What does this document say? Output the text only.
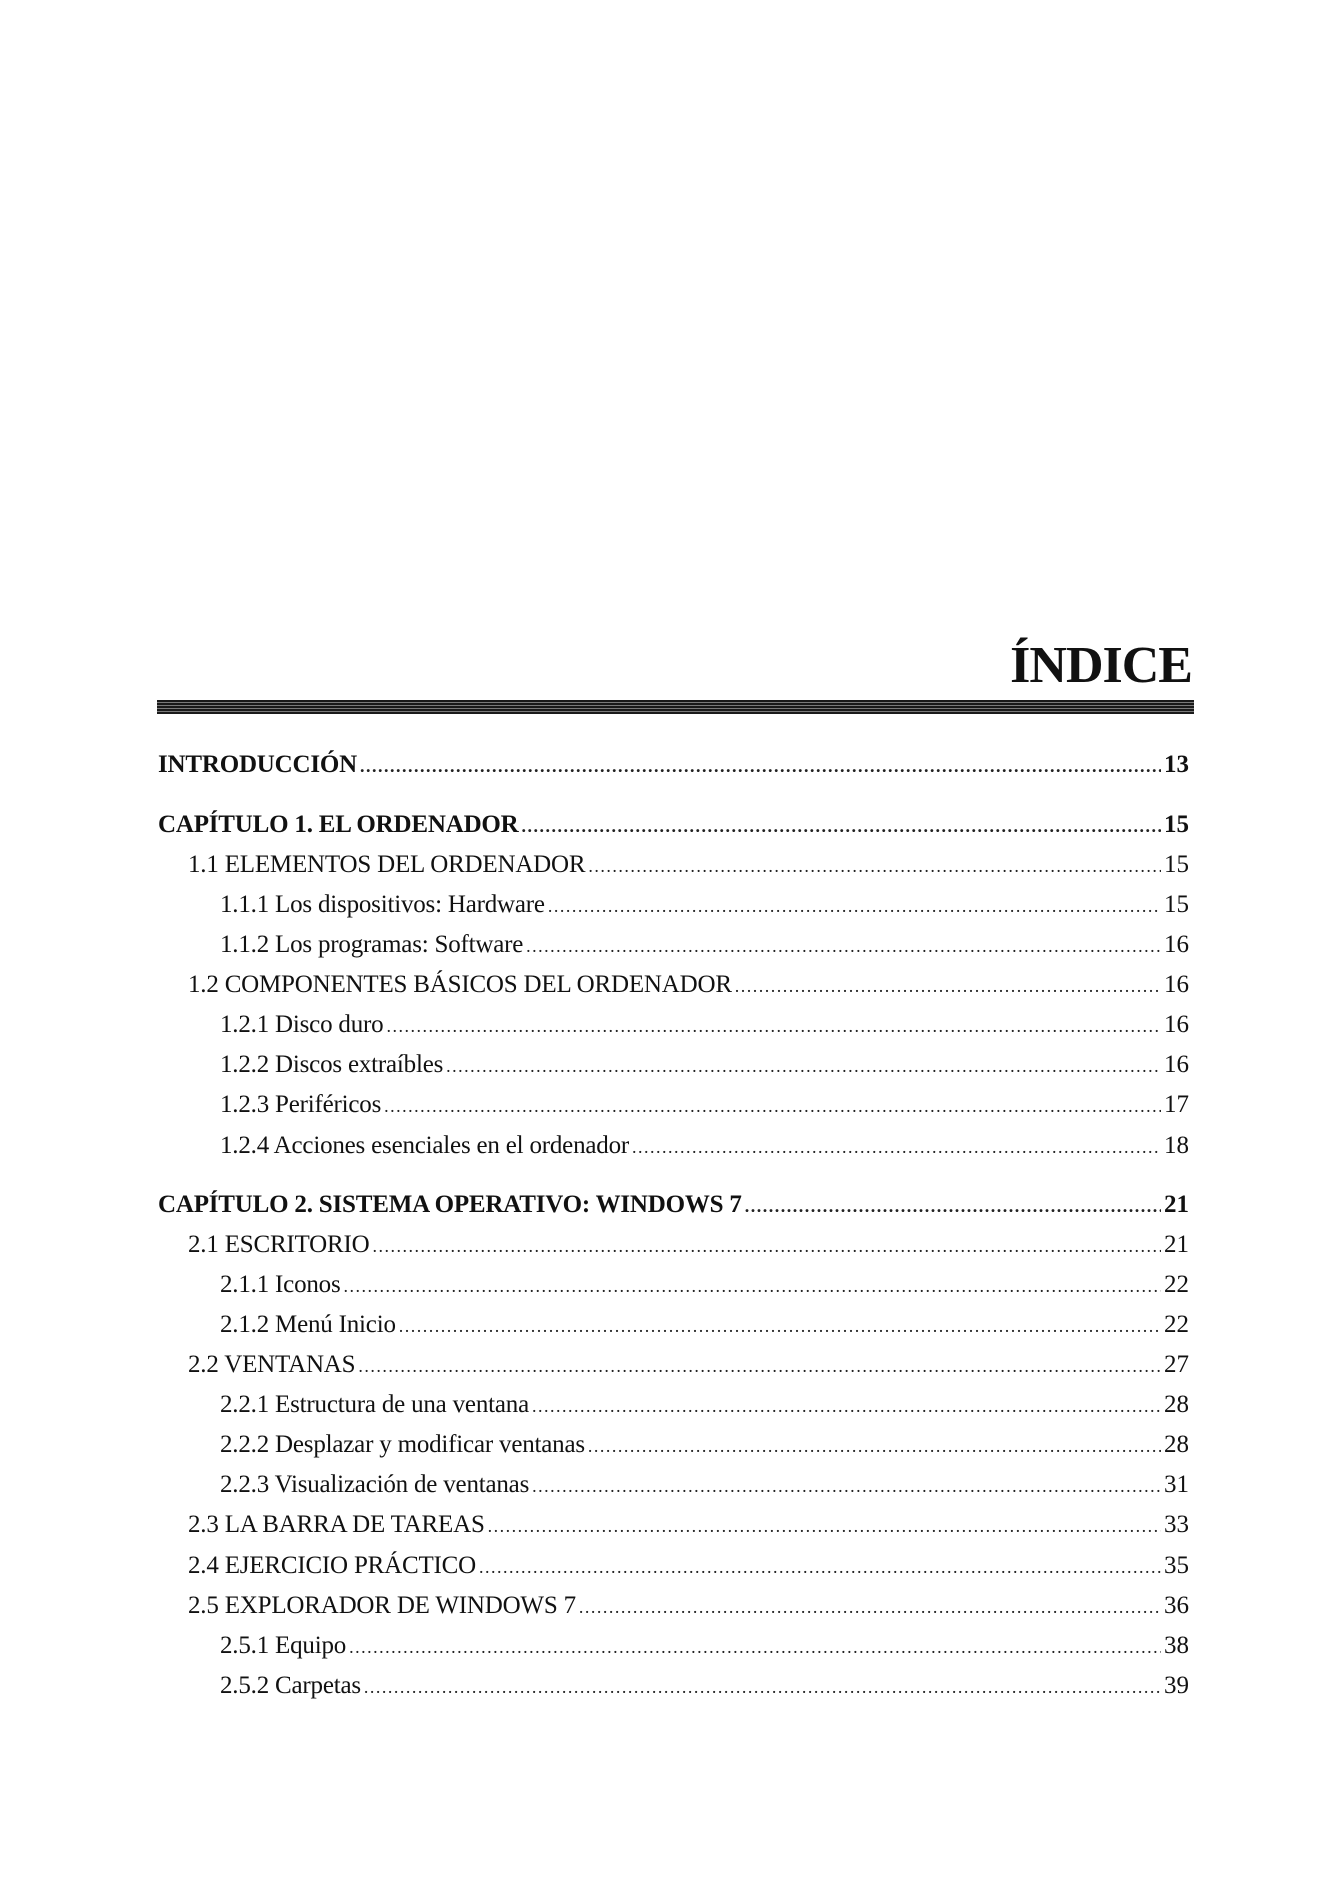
ÍNDICE
INTRODUCCIÓN .....	13
CAPÍTULO 1. EL ORDENADOR .....	15
1.1 ELEMENTOS DEL ORDENADOR .....	15
1.1.1 Los dispositivos: Hardware .....	15
1.1.2 Los programas: Software .....	16
1.2 COMPONENTES BÁSICOS DEL ORDENADOR .....	16
1.2.1 Disco duro .....	16
1.2.2 Discos extraíbles .....	16
1.2.3 Periféricos .....	17
1.2.4 Acciones esenciales en el ordenador .....	18
CAPÍTULO 2. SISTEMA OPERATIVO: WINDOWS 7 .....	21
2.1 ESCRITORIO .....	21
2.1.1 Iconos .....	22
2.1.2 Menú Inicio .....	22
2.2 VENTANAS .....	27
2.2.1 Estructura de una ventana .....	28
2.2.2 Desplazar y modificar ventanas .....	28
2.2.3 Visualización de ventanas .....	31
2.3 LA BARRA DE TAREAS .....	33
2.4 EJERCICIO PRÁCTICO .....	35
2.5 EXPLORADOR DE WINDOWS 7 .....	36
2.5.1 Equipo .....	38
2.5.2 Carpetas .....	39
